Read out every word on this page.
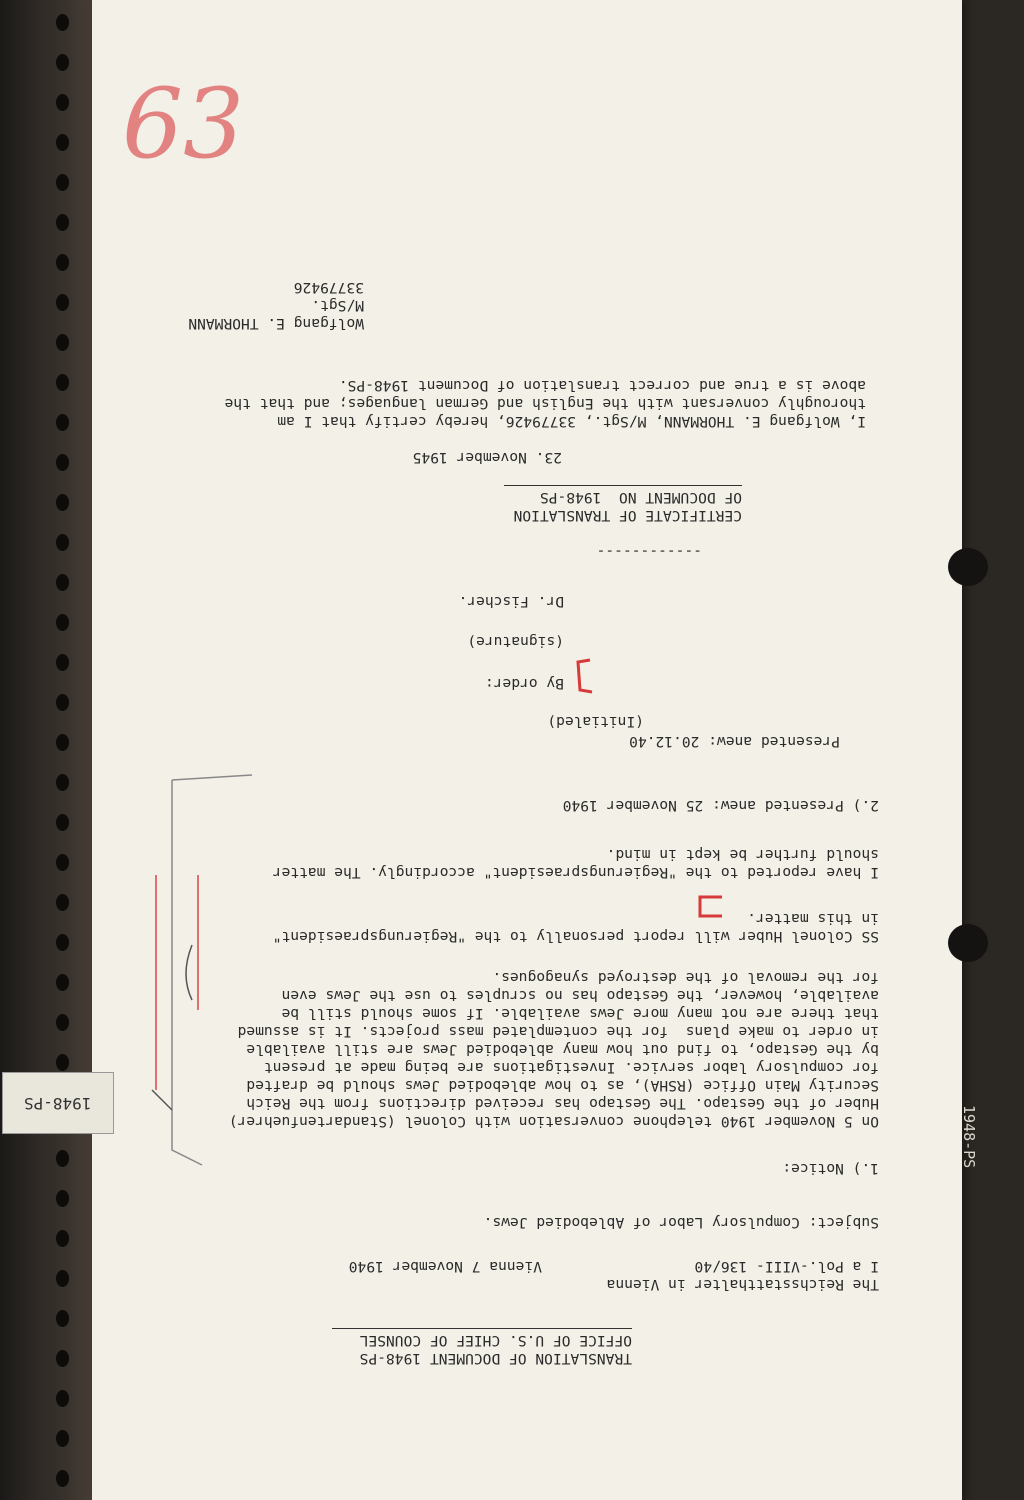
63
TRANSLATION OF DOCUMENT 1948-PS
OFFICE OF U.S. CHIEF OF COUNSEL
The Reichsstatthalter in Vienna
I a Pol.-VIII- 136/40
Vienna 7 November 1940
Subject: Compulsory Labor of Ablebodied Jews.
1.) Notice:
On 5 November 1940 telephone conversation with Colonel (Standartenfuehrer)
Huber of the Gestapo. The Gestapo has received directions from the Reich
Security Main Office (RSHA), as to how ablebodied Jews should be drafted
for compulsory labor service. Investigations are being made at present
by the Gestapo, to find out how many ablebodied Jews are still available
in order to make plans  for the contemplated mass projects. It is assumed
that there are not many more Jews available. If some should still be
available, however, the Gestapo has no scruples to use the Jews even
for the removal of the destroyed synagogues.
SS Colonel Huber will report personally to the "Regierungspraesident"
in this matter.
I have reported to the "Regierungspraesident" accordingly. The matter
should further be kept in mind.
2.) Presented anew: 25 November 1940
Presented anew: 20.12.40
(Initialed)
By order:
(signature)
Dr. Fischer.
------------
CERTIFICATE OF TRANSLATION
OF DOCUMENT NO  1948-PS
23. November 1945
I, Wolfgang E. THORMANN, M/Sgt., 33779426, hereby certify that I am
thoroughly conversant with the English and German languages; and that the
above is a true and correct translation of Document 1948-PS.
Wolfgang E. THORMANN
M/Sgt.
33779426
1948-PS
1948-PS
